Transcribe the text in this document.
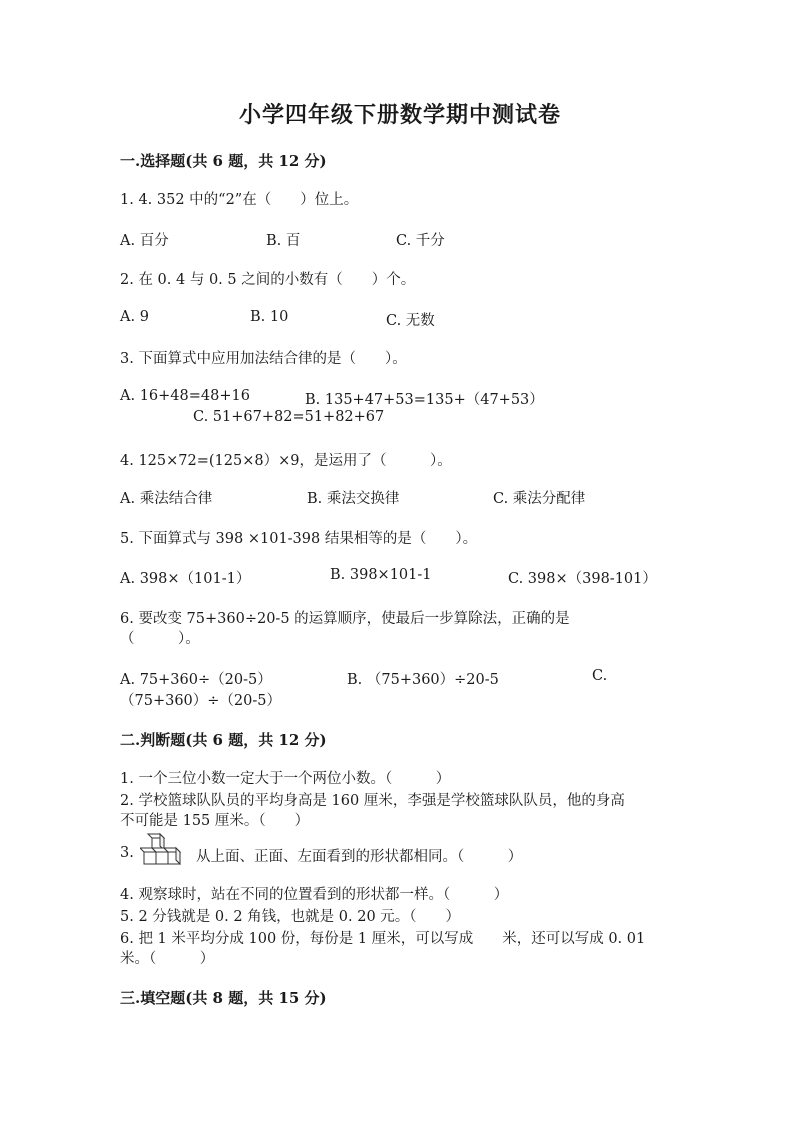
小学四年级下册数学期中测试卷
一.选择题(共 6 题，共 12 分)
1. 4. 352 中的“2”在（　　）位上。
A. 百分	B. 百	C. 千分
2. 在 0. 4 与 0. 5 之间的小数有（　　）个。
A. 9	B. 10	C. 无数
3. 下面算式中应用加法结合律的是（　　）。
A. 16+48=48+16	B. 135+47+53=135+（47+53）
C. 51+67+82=51+82+67
4. 125×72=(125×8）×9，是运用了（　　　）。
A. 乘法结合律	B. 乘法交换律	C. 乘法分配律
5. 下面算式与 398 ×101-398 结果相等的是（　　）。
A. 398×（101-1）	B. 398×101-1	C. 398×（398-101）
6. 要改变 75+360÷20-5 的运算顺序，使最后一步算除法，正确的是
（　　　）。
A. 75+360÷（20-5）	B. （75+360）÷20-5	C.
（75+360）÷（20-5）
二.判断题(共 6 题，共 12 分)
1. 一个三位小数一定大于一个两位小数。（　　　）
2. 学校篮球队队员的平均身高是 160 厘米，李强是学校篮球队队员，他的身高
不可能是 155 厘米。（　　）
3.	从上面、正面、左面看到的形状都相同。（　　　）
4. 观察球时，站在不同的位置看到的形状都一样。（　　　）
5. 2 分钱就是 0. 2 角钱，也就是 0. 20 元。（　　）
6. 把 1 米平均分成 100 份，每份是 1 厘米，可以写成　　米，还可以写成 0. 01
米。（　　　）
三.填空题(共 8 题，共 15 分)
